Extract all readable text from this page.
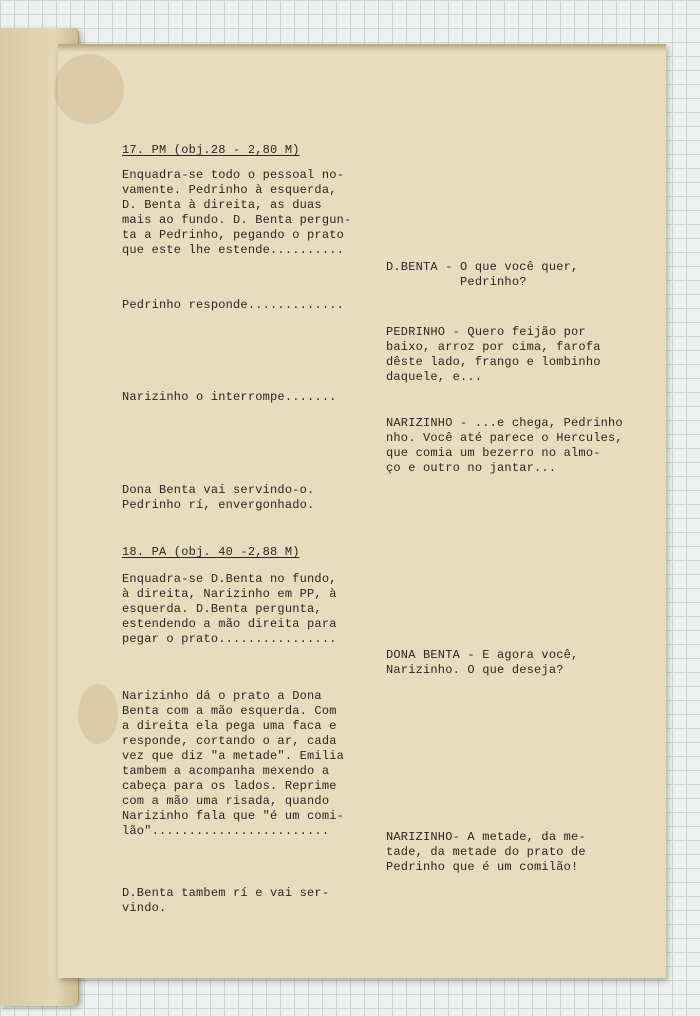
17. PM (obj.28 - 2,80 M)
Enquadra-se todo o pessoal no-
vamente. Pedrinho à esquerda,
D. Benta à direita, as duas
mais ao fundo. D. Benta pergun-
ta a Pedrinho, pegando o prato
que este lhe estende..........
D.BENTA - O que você quer,
Pedrinho?
Pedrinho responde.............
PEDRINHO - Quero feijão por
baixo, arroz por cima, farofa
dêste lado, frango e lombinho
daquele, e...
Narizinho o interrompe.......
NARIZINHO - ...e chega, Pedrinho
nho. Você até parece o Hercules,
que comia um bezerro no almo-
ço e outro no jantar...
Dona Benta vai servindo-o.
Pedrinho rí, envergonhado.
18. PA (obj. 40 -2,88 M)
Enquadra-se D.Benta no fundo,
à direita, Narizinho em PP, à
esquerda. D.Benta pergunta,
estendendo a mão direita para
pegar o prato................
DONA BENTA - E agora você,
Narizinho. O que deseja?
Narizinho dá o prato a Dona
Benta com a mão esquerda. Com
a direita ela pega uma faca e
responde, cortando o ar, cada
vez que diz "a metade". Emilia
tambem a acompanha mexendo a
cabeça para os lados. Reprime
com a mão uma risada, quando
Narizinho fala que "é um comi-
lão"........................	NARIZINHO- A metade, da me-
tade, da metade do prato de
Pedrinho que é um comilão!
D.Benta tambem rí e vai ser-
vindo.
